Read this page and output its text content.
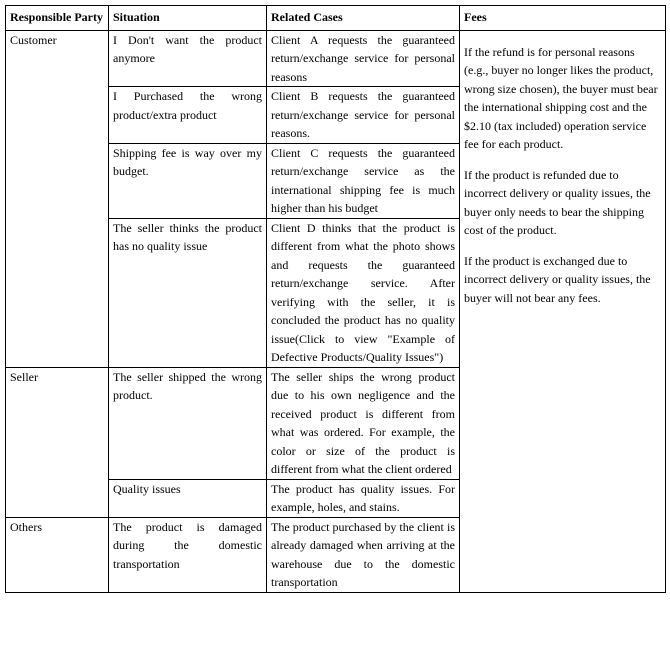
Responsible Party	Situation	Related Cases	Fees
Customer	I Don't want the product anymore	Client A requests the guaranteed return/exchange service for personal reasons	If the refund is for personal reasons (e.g., buyer no longer likes the product, wrong size chosen), the buyer must bear the international shipping cost and the $2.10 (tax included) operation service fee for each product.

If the product is refunded due to incorrect delivery or quality issues, the buyer only needs to bear the shipping cost of the product.

If the product is exchanged due to incorrect delivery or quality issues, the buyer will not bear any fees.

	I Purchased the wrong product/extra product	Client B requests the guaranteed return/exchange service for personal reasons.	
	Shipping fee is way over my budget.	Client C requests the guaranteed return/exchange service as the international shipping fee is much higher than his budget	
	The seller thinks the product has no quality issue	Client D thinks that the product is different from what the photo shows and requests the guaranteed return/exchange service. After verifying with the seller, it is concluded the product has no quality issue(Click to view "Example of Defective Products/Quality Issues")	
Seller	The seller shipped the wrong product.	The seller ships the wrong product due to his own negligence and the received product is different from what was ordered. For example, the color or size of the product is different from what the client ordered	
	Quality issues	The product has quality issues. For example, holes, and stains.	
Others	The product is damaged during the domestic transportation	The product purchased by the client is already damaged when arriving at the warehouse due to the domestic transportation	
